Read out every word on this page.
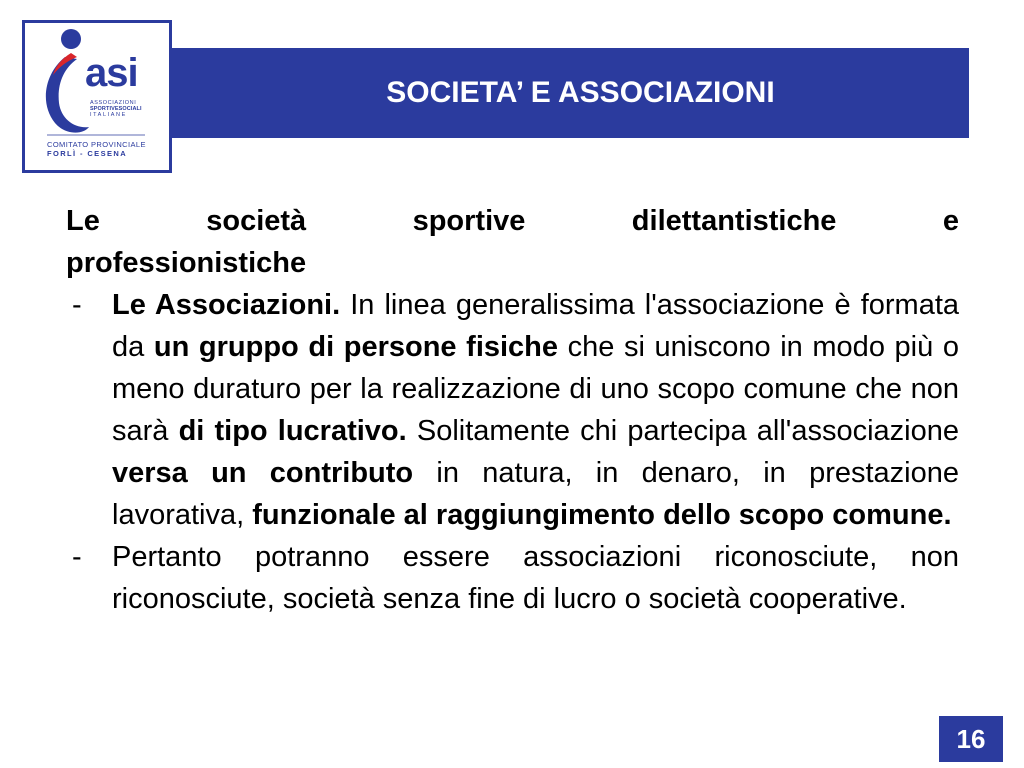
asi
ASSOCIAZIONI
SPORTIVESOCIALI
ITALIANE
COMITATO PROVINCIALE
FORLÌ - CESENA
SOCIETA’ E ASSOCIAZIONI
Le	società	sportive	dilettantistiche	e
professionistiche
- Le Associazioni. In linea generalissima l'associazione è formata da un gruppo di persone fisiche che si uniscono in modo più o meno duraturo per la realizzazione di uno scopo comune che non sarà di tipo lucrativo. Solitamente chi partecipa all'associazione versa un contributo in natura, in denaro, in prestazione lavorativa, funzionale al raggiungimento dello scopo comune.
- Pertanto potranno essere associazioni riconosciute, non riconosciute, società senza fine di lucro o società cooperative.
16
